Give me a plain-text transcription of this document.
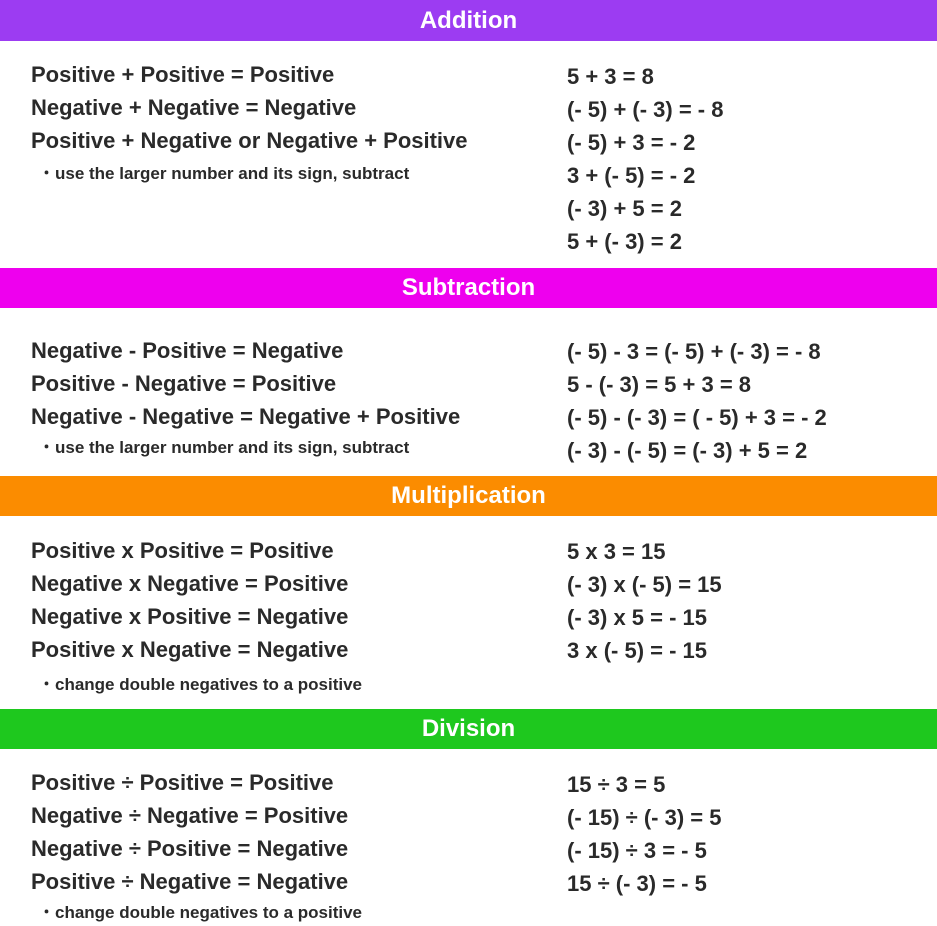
Addition
Positive + Positive = Positive
Negative + Negative = Negative
Positive + Negative or Negative + Positive
・use the larger number and its sign, subtract
5 + 3 = 8
(- 5) + (- 3) = - 8
(- 5) + 3 = - 2
3 + (- 5) = - 2
(- 3) + 5 = 2
5 + (- 3) = 2
Subtraction
Negative - Positive = Negative
Positive - Negative = Positive
Negative - Negative = Negative + Positive
・use the larger number and its sign, subtract
(- 5) - 3 = (- 5) + (- 3) = - 8
5 - (- 3) = 5 + 3 = 8
(- 5) - (- 3) = ( - 5) + 3 = - 2
(- 3) - (- 5) = (- 3) + 5 = 2
Multiplication
Positive x Positive = Positive
Negative x Negative = Positive
Negative x Positive = Negative
Positive x Negative = Negative
・change double negatives to a positive
5 x 3 = 15
(- 3) x (- 5) = 15
(- 3) x 5 = - 15
3 x (- 5) = - 15
Division
Positive ÷ Positive = Positive
Negative ÷ Negative = Positive
Negative ÷ Positive = Negative
Positive ÷ Negative = Negative
・change double negatives to a positive
15 ÷ 3 = 5
(- 15) ÷ (- 3) = 5
(- 15) ÷ 3 = - 5
15 ÷ (- 3) = - 5
